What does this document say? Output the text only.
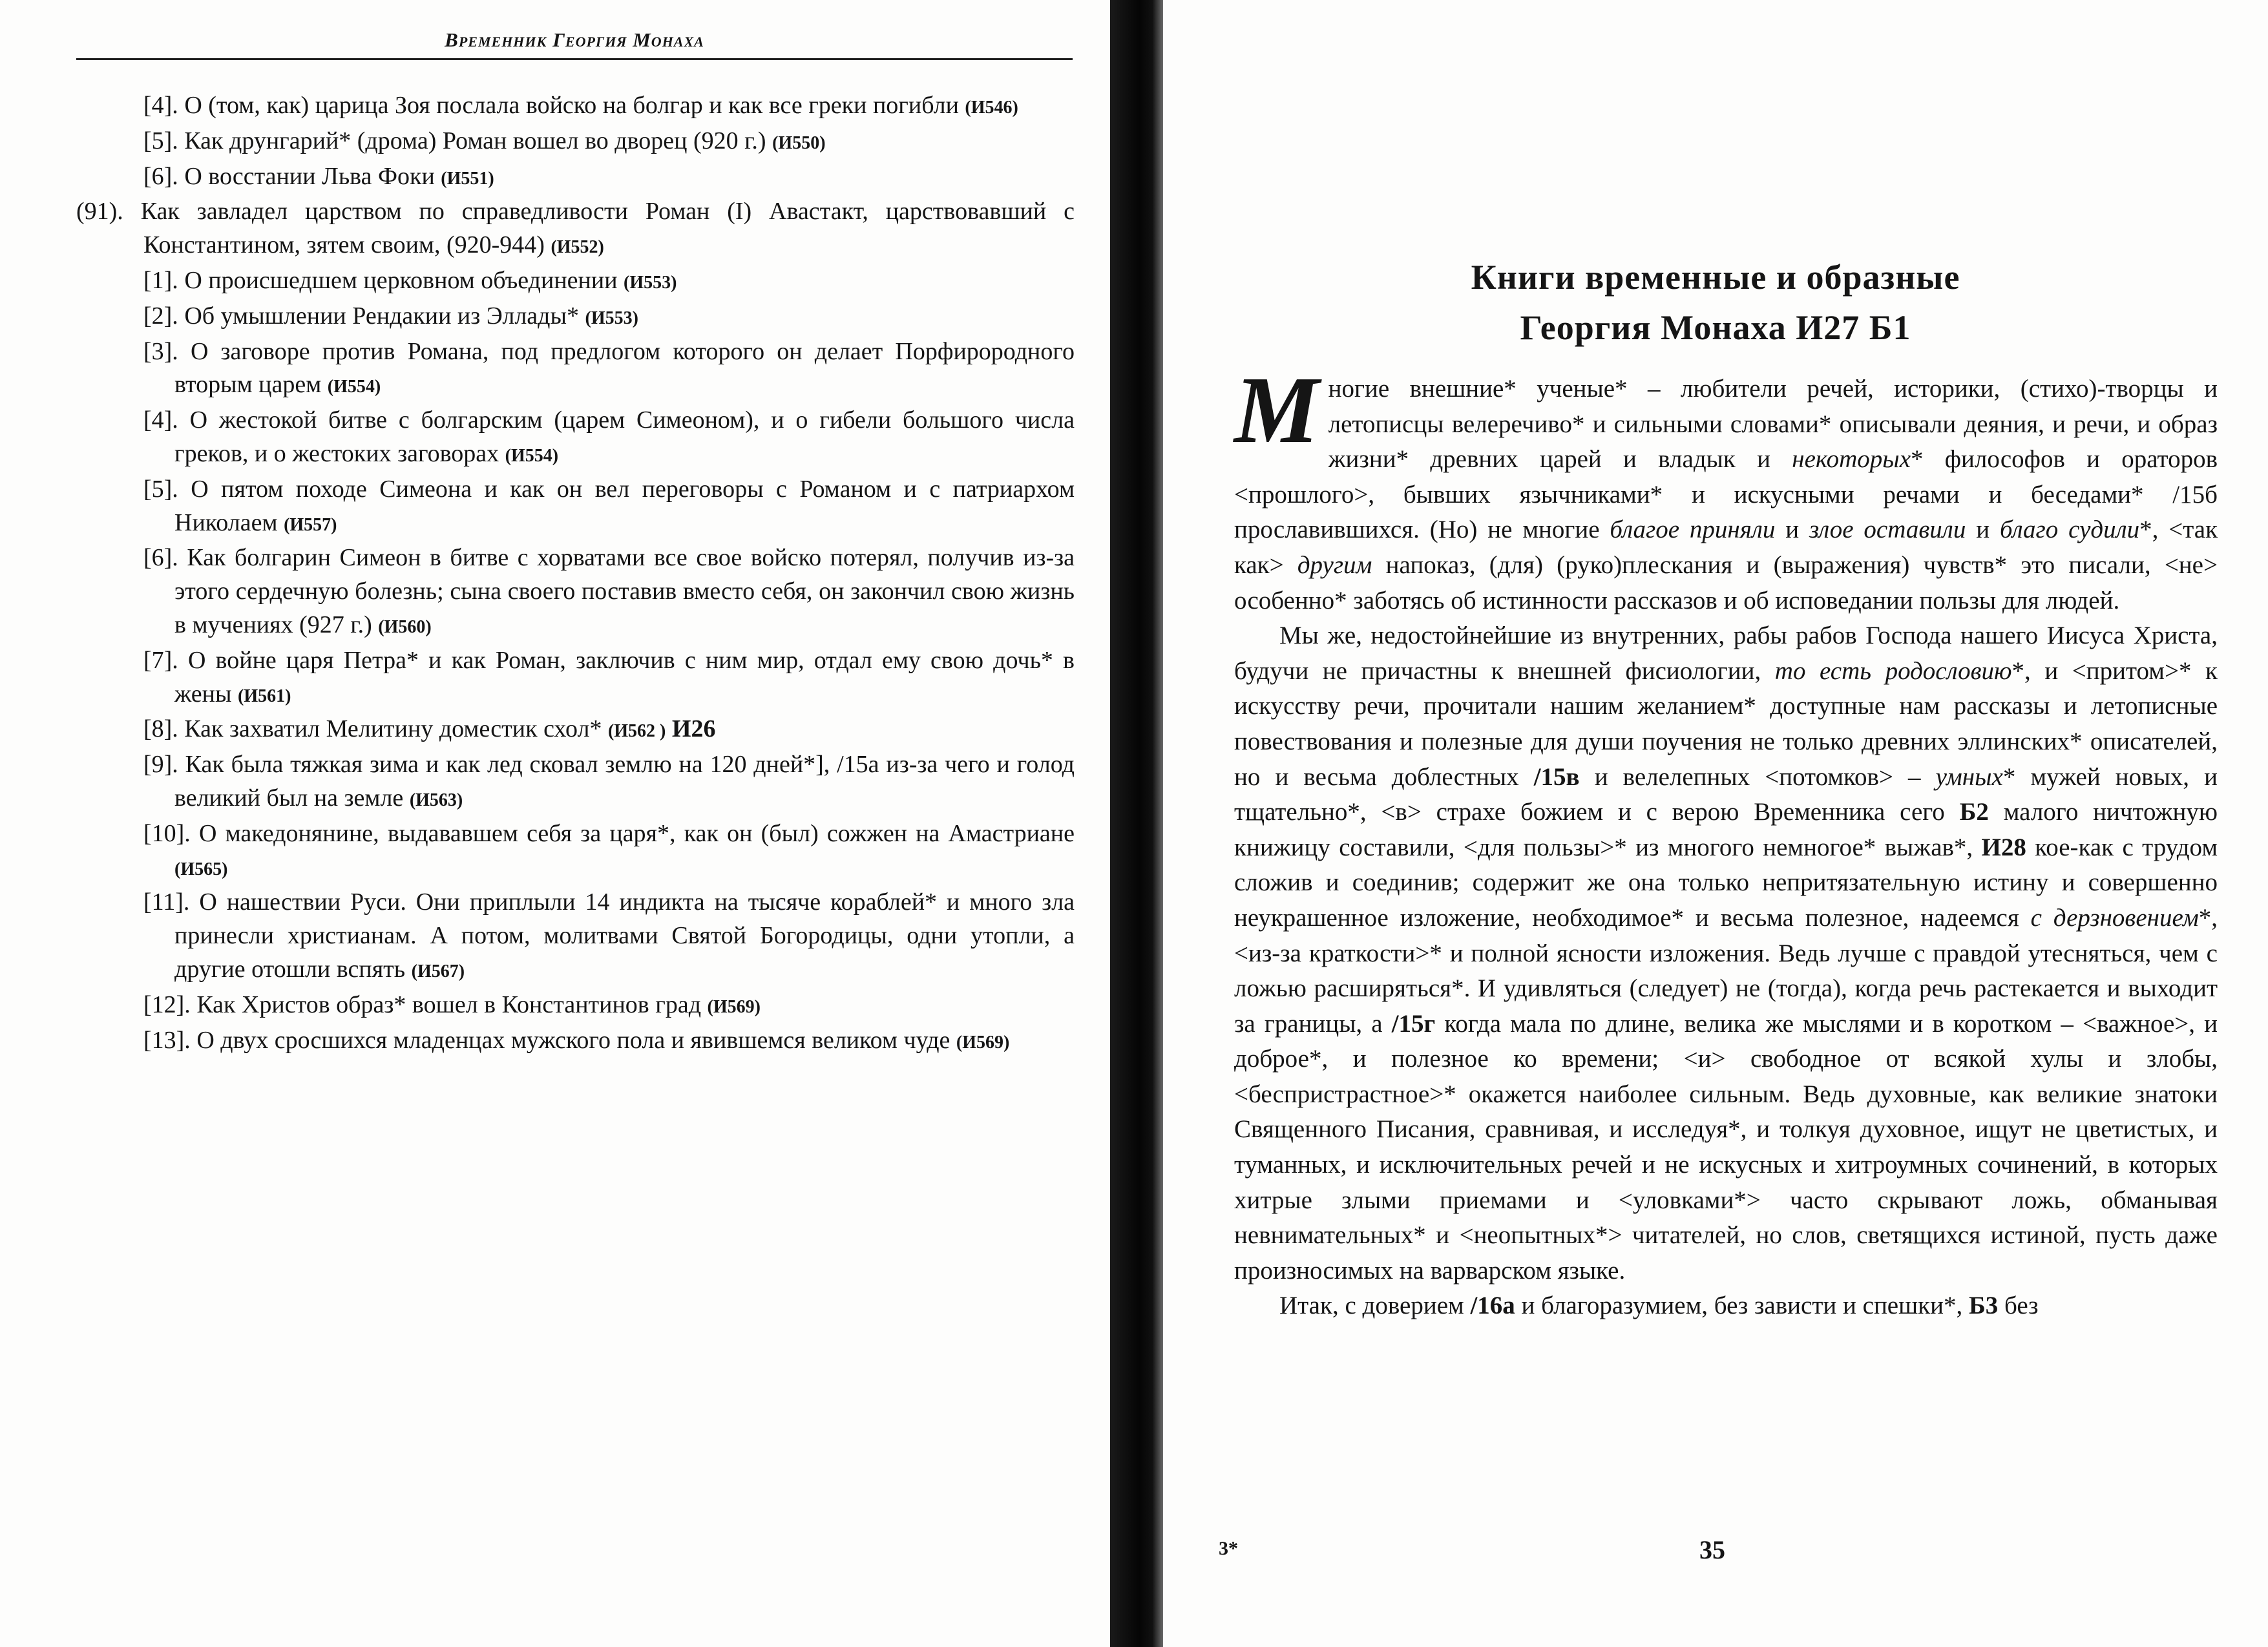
Временник Георгия Монаха

[4]. О (том, как) царица Зоя послала войско на болгар и как все греки погибли (И546)

[5]. Как друнгарий* (дрома) Роман вошел во дворец (920 г.) (И550)

[6]. О восстании Льва Фоки (И551)

(91). Как завладел царством по справедливости Роман (I) Авастакт, царствовавший с Константином, зятем своим, (920-944) (И552)

[1]. О происшедшем церковном объединении (И553)

[2]. Об умышлении Рендакии из Эллады* (И553)

[3]. О заговоре против Романа, под предлогом которого он делает Порфирородного вторым царем (И554)

[4]. О жестокой битве с болгарским (царем Симеоном), и о гибели большого числа греков, и о жестоких заговорах (И554)

[5]. О пятом походе Симеона и как он вел переговоры с Романом и с патриархом Николаем (И557)

[6]. Как болгарин Симеон в битве с хорватами все свое войско потерял, получив из-за этого сердечную болезнь; сына своего поставив вместо себя, он закончил свою жизнь в мучениях (927 г.) (И560)

[7]. О войне царя Петра* и как Роман, заключив с ним мир, отдал ему свою дочь* в жены (И561)

[8]. Как захватил Мелитину доместик схол* (И562 ) И26

[9]. Как была тяжкая зима и как лед сковал землю на 120 дней*], /15а из-за чего и голод великий был на земле (И563)

[10]. О македонянине, выдававшем себя за царя*, как он (был) сожжен на Амастриане (И565)

[11]. О нашествии Руси. Они приплыли 14 индикта на тысяче кораблей* и много зла принесли христианам. А потом, молитвами Святой Богородицы, одни утопли, а другие отошли вспять (И567)

[12]. Как Христов образ* вошел в Константинов град (И569)

[13]. О двух сросшихся младенцах мужского пола и явившемся великом чуде (И569)

Книги временные и образные
Георгия Монаха И27 Б1

Многие внешние* ученые* – любители речей, историки, (стихо)-творцы и летописцы велеречиво* и сильными словами* описывали деяния, и речи, и образ жизни* древних царей и владык и некоторых* философов и ораторов <прошлого>, бывших язычниками* и искусными речами и беседами* /15б прославившихся. (Но) не многие благое приняли и злое оставили и благо судили*, <так как> другим напоказ, (для) (руко)плескания и (выражения) чувств* это писали, <не> особенно* заботясь об истинности рассказов и об исповедании пользы для людей.

Мы же, недостойнейшие из внутренних, рабы рабов Господа нашего Иисуса Христа, будучи не причастны к внешней фисиологии, то есть родословию*, и <притом>* к искусству речи, прочитали нашим желанием* доступные нам рассказы и летописные повествования и полезные для души поучения не только древних эллинских* описателей, но и весьма доблестных /15в и велелепных <потомков> – умных* мужей новых, и тщательно*, <в> страхе божием и с верою Временника сего Б2 малого ничтожную книжицу составили, <для пользы>* из многого немногое* выжав*, И28 кое-как с трудом сложив и соединив; содержит же она только непритязательную истину и совершенно неукрашенное изложение, необходимое* и весьма полезное, надеемся с дерзновением*, <из-за краткости>* и полной ясности изложения. Ведь лучше с правдой утесняться, чем с ложью расширяться*. И удивляться (следует) не (тогда), когда речь растекается и выходит за границы, а /15г когда мала по длине, велика же мыслями и в коротком – <важное>, и доброе*, и полезное ко времени; <и> свободное от всякой хулы и злобы, <беспристрастное>* окажется наиболее сильным. Ведь духовные, как великие знатоки Священного Писания, сравнивая, и исследуя*, и толкуя духовное, ищут не цветистых, и туманных, и исключительных речей и не искусных и хитроумных сочинений, в которых хитрые злыми приемами и <уловками*> часто скрывают ложь, обманывая невнимательных* и <неопытных*> читателей, но слов, светящихся истиной, пусть даже произносимых на варварском языке.

Итак, с доверием /16а и благоразумием, без зависти и спешки*, Б3 без

3*	35
